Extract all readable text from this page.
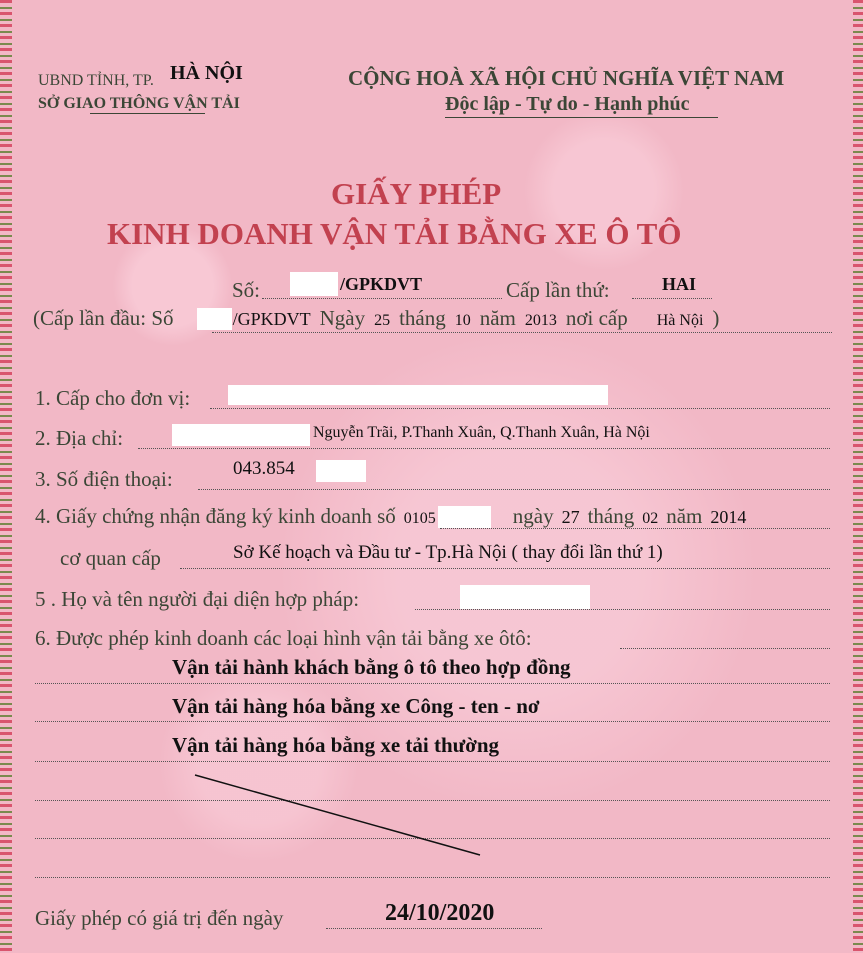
UBND TỈNH, TP. HÀ NỘI
SỞ GIAO THÔNG VẬN TẢI
CỘNG HOÀ XÃ HỘI CHỦ NGHĨA VIỆT NAM
Độc lập - Tự do - Hạnh phúc
GIẤY PHÉP
KINH DOANH VẬN TẢI BẰNG XE Ô TÔ
Số:	/GPKDVT	Cấp lần thứ:	HAI
(Cấp lần đầu: Số	/GPKDVT Ngày 25 tháng 10 năm 2013 nơi cấp Hà Nội )
1. Cấp cho đơn vị:
2. Địa chỉ:	Nguyễn Trãi, P.Thanh Xuân, Q.Thanh Xuân, Hà Nội
3. Số điện thoại:	043.854
4. Giấy chứng nhận đăng ký kinh doanh số 0105	ngày 27 tháng 02 năm 2014
cơ quan cấp	Sở Kế hoạch và Đầu tư - Tp.Hà Nội ( thay đổi lần thứ 1)
5 . Họ và tên người đại diện hợp pháp:
6. Được phép kinh doanh các loại hình vận tải bằng xe ôtô:
Vận tải hành khách bằng ô tô theo hợp đồng
Vận tải hàng hóa bằng xe Công - ten - nơ
Vận tải hàng hóa bằng xe tải thường
Giấy phép có giá trị đến ngày	24/10/2020
